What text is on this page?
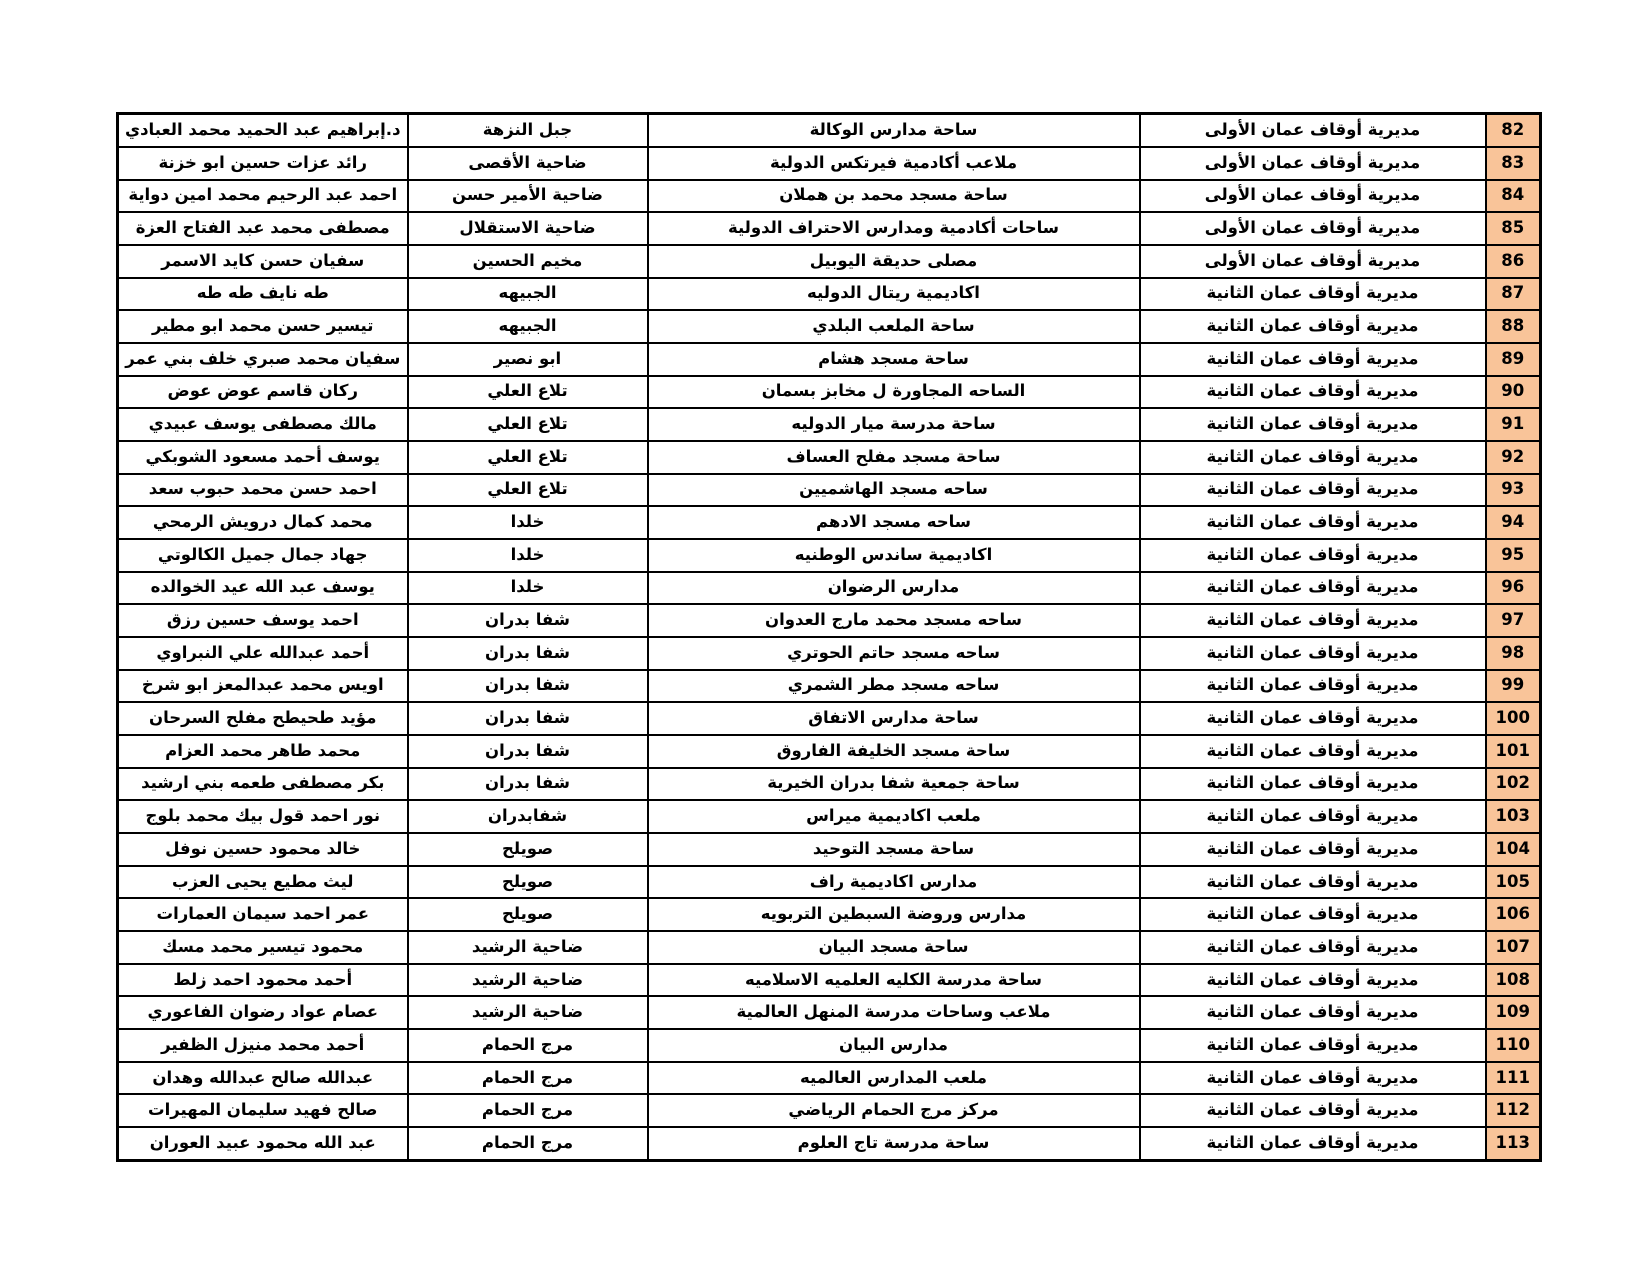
82	مديرية أوقاف عمان الأولى	ساحة مدارس الوكالة	جبل النزهة	د.إبراهيم عبد الحميد محمد العبادي
83	مديرية أوقاف عمان الأولى	ملاعب أكادمية فيرتكس الدولية	ضاحية الأقصى	رائد عزات حسين ابو خزنة
84	مديرية أوقاف عمان الأولى	ساحة مسجد محمد بن هملان	ضاحية الأمير حسن	احمد عبد الرحيم محمد امين دواية
85	مديرية أوقاف عمان الأولى	ساحات أكادمية ومدارس الاحتراف الدولية	ضاحية الاستقلال	مصطفى محمد عبد الفتاح العزة
86	مديرية أوقاف عمان الأولى	مصلى حديقة اليوبيل	مخيم الحسين	سفيان حسن كايد الاسمر
87	مديرية أوقاف عمان الثانية	اكاديمية ريتال الدوليه	الجبيهه	طه نايف طه طه
88	مديرية أوقاف عمان الثانية	ساحة الملعب البلدي	الجبيهه	تيسير حسن محمد ابو مطير
89	مديرية أوقاف عمان الثانية	ساحة مسجد هشام	ابو نصير	سفيان محمد صبري خلف بني عمر
90	مديرية أوقاف عمان الثانية	الساحه المجاورة ل مخابز بسمان	تلاع العلي	ركان قاسم عوض عوض
91	مديرية أوقاف عمان الثانية	ساحة مدرسة ميار الدوليه	تلاع العلي	مالك مصطفى يوسف عبيدي
92	مديرية أوقاف عمان الثانية	ساحة مسجد مفلح العساف	تلاع العلي	يوسف أحمد مسعود الشوبكي
93	مديرية أوقاف عمان الثانية	ساحه مسجد الهاشميين	تلاع العلي	احمد حسن محمد حبوب سعد
94	مديرية أوقاف عمان الثانية	ساحه مسجد الادهم	خلدا	محمد كمال درويش الرمحي
95	مديرية أوقاف عمان الثانية	اكاديمية ساندس الوطنيه	خلدا	جهاد جمال جميل الكالوتي
96	مديرية أوقاف عمان الثانية	مدارس الرضوان	خلدا	يوسف عبد الله عيد الخوالده
97	مديرية أوقاف عمان الثانية	ساحه مسجد محمد مارج العدوان	شفا بدران	احمد يوسف حسين رزق
98	مديرية أوقاف عمان الثانية	ساحه مسجد حاتم الحوتري	شفا بدران	أحمد عبدالله علي النبراوي
99	مديرية أوقاف عمان الثانية	ساحه مسجد مطر الشمري	شفا بدران	اويس محمد عبدالمعز ابو شرخ
100	مديرية أوقاف عمان الثانية	ساحة مدارس الاتفاق	شفا بدران	مؤيد طحيطح مفلح السرحان
101	مديرية أوقاف عمان الثانية	ساحة مسجد الخليفة الفاروق	شفا بدران	محمد طاهر محمد العزام
102	مديرية أوقاف عمان الثانية	ساحة جمعية شفا بدران الخيرية	شفا بدران	بكر مصطفى طعمه بني ارشيد
103	مديرية أوقاف عمان الثانية	ملعب اكاديمية ميراس	شفابدران	نور احمد قول بيك محمد بلوج
104	مديرية أوقاف عمان الثانية	ساحة مسجد التوحيد	صويلح	خالد محمود حسين نوفل
105	مديرية أوقاف عمان الثانية	مدارس اكاديمية راف	صويلح	ليث مطيع يحيى العزب
106	مديرية أوقاف عمان الثانية	مدارس وروضة السبطين التربويه	صويلح	عمر احمد سيمان العمارات
107	مديرية أوقاف عمان الثانية	ساحة مسجد البيان	ضاحية الرشيد	محمود تيسير محمد مسك
108	مديرية أوقاف عمان الثانية	ساحة مدرسة الكليه العلميه الاسلاميه	ضاحية الرشيد	أحمد محمود احمد زلط
109	مديرية أوقاف عمان الثانية	ملاعب وساحات مدرسة المنهل العالمية	ضاحية الرشيد	عصام عواد رضوان الفاعوري
110	مديرية أوقاف عمان الثانية	مدارس البيان	مرج الحمام	أحمد محمد منيزل الظفير
111	مديرية أوقاف عمان الثانية	ملعب المدارس العالميه	مرج الحمام	عبدالله صالح عبدالله وهدان
112	مديرية أوقاف عمان الثانية	مركز مرج الحمام الرياضي	مرج الحمام	صالح فهيد سليمان المهيرات
113	مديرية أوقاف عمان الثانية	ساحة مدرسة تاج العلوم	مرج الحمام	عبد الله محمود عبيد العوران
